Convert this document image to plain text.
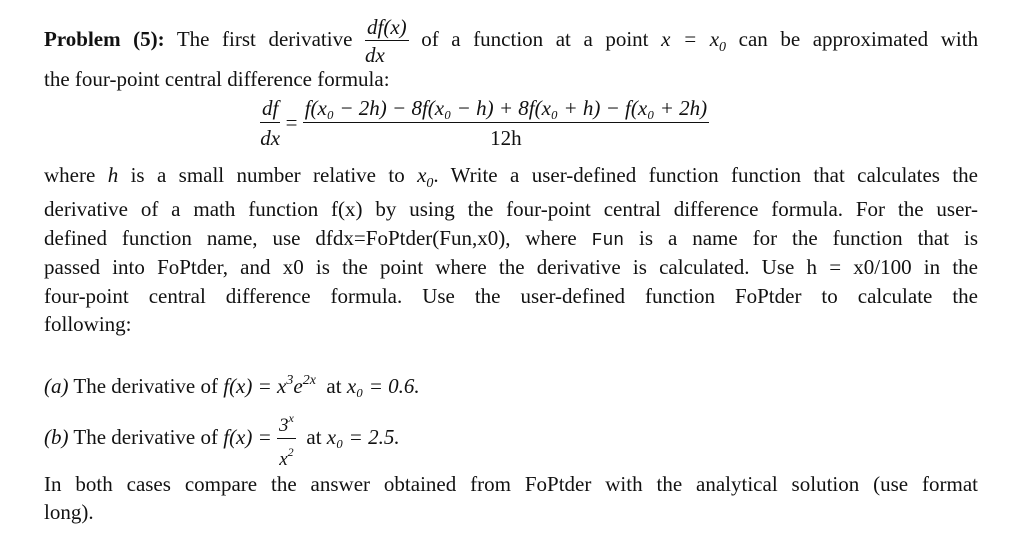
Problem (5): The first derivative $\frac{df(x)}{dx}$ of a function at a point $x = x_0$ can be approximated with
the four-point central difference formula:
$\frac{df}{dx} = \frac{\text{f(x₀ − 2h) − 8f(x₀ − h) + 8f(x₀ + h) − f(x₀ + 2h)}}{12h}$
where h is a small number relative to $x_0$. Write a user-defined function function that calculates the
derivative of a math function f(x) by using the four-point central difference formula. For the user-
defined function name, use dfdx=FoPtder(Fun,x0), where Fun is a name for the function that is
passed into FoPtder, and x0 is the point where the derivative is calculated. Use h = x0/100 in the
four-point central difference formula. Use the user-defined function FoPtder to calculate the
following:
(a) The derivative of $f(x) = x^3e^{2x}$ at x₀ = 0.6.
(b) The derivative of $f(x) = \frac{3^x}{x^2}$ at x₀ = 2.5.
In both cases compare the answer obtained from FoPtder with the analytical solution (use format
long).
